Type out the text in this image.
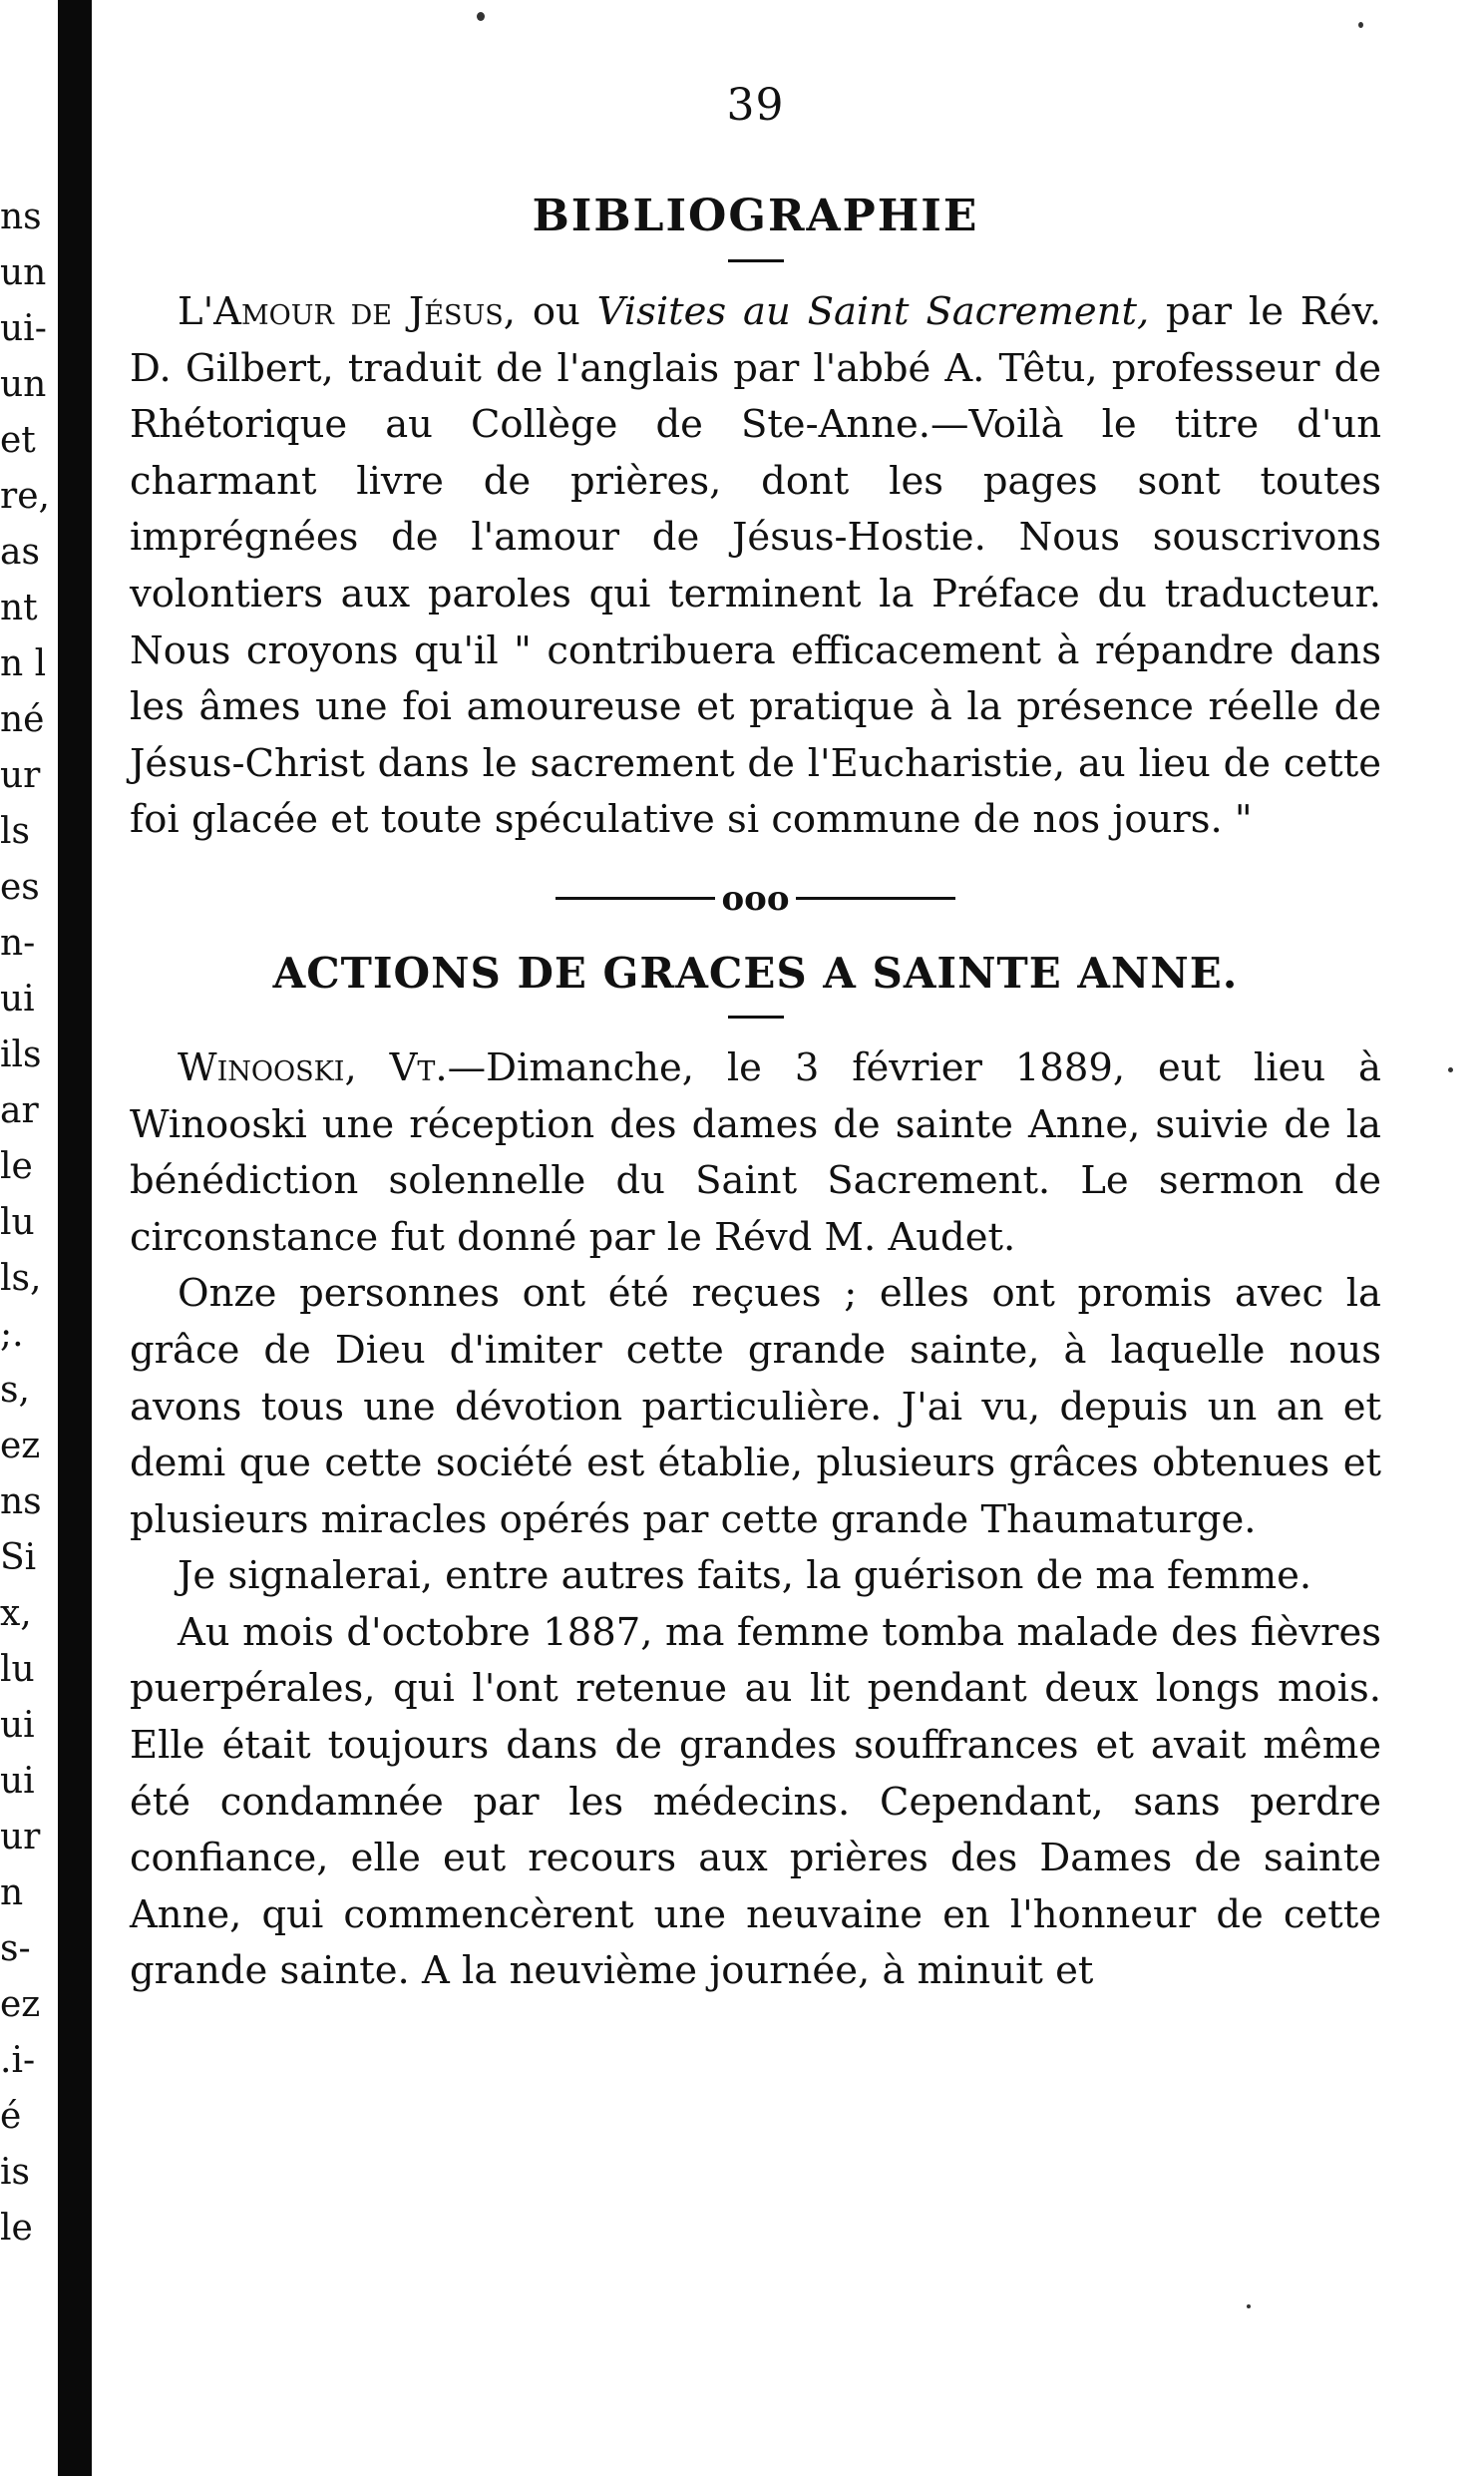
ns
un
ui-
un
et
re,
as
nt
n l
né
ur
ls
es
n-
ui
ils
ar
le
lu
ls,
;.
s,
ez
ns
Si
x,
lu
ui
ui
ur
n
s-
ez
.i-
é
is
le
39
BIBLIOGRAPHIE

L'Amour de Jésus, ou Visites au Saint Sacrement, par le Rév. D. Gilbert, traduit de l'anglais par l'abbé A. Têtu, professeur de Rhétorique au Collège de Ste-Anne.—Voilà le titre d'un charmant livre de prières, dont les pages sont toutes imprégnées de l'amour de Jésus-Hostie. Nous souscrivons volontiers aux paroles qui terminent la Préface du traducteur. Nous croyons qu'il " contribuera efficacement à répandre dans les âmes une foi amoureuse et pratique à la présence réelle de Jésus-Christ dans le sacrement de l'Eucharistie, au lieu de cette foi glacée et toute spéculative si commune de nos jours. "

ooo
ACTIONS DE GRACES A SAINTE ANNE.

Winooski, Vt.—Dimanche, le 3 février 1889, eut lieu à Winooski une réception des dames de sainte Anne, suivie de la bénédiction solennelle du Saint Sacrement. Le sermon de circonstance fut donné par le Révd M. Audet.

Onze personnes ont été reçues ; elles ont promis avec la grâce de Dieu d'imiter cette grande sainte, à laquelle nous avons tous une dévotion particulière. J'ai vu, depuis un an et demi que cette société est établie, plusieurs grâces obtenues et plusieurs miracles opérés par cette grande Thaumaturge.

Je signalerai, entre autres faits, la guérison de ma femme.

Au mois d'octobre 1887, ma femme tomba malade des fièvres puerpérales, qui l'ont retenue au lit pendant deux longs mois. Elle était toujours dans de grandes souffrances et avait même été condamnée par les médecins. Cependant, sans perdre confiance, elle eut recours aux prières des Dames de sainte Anne, qui commencèrent une neuvaine en l'honneur de cette grande sainte. A la neuvième journée, à minuit et
